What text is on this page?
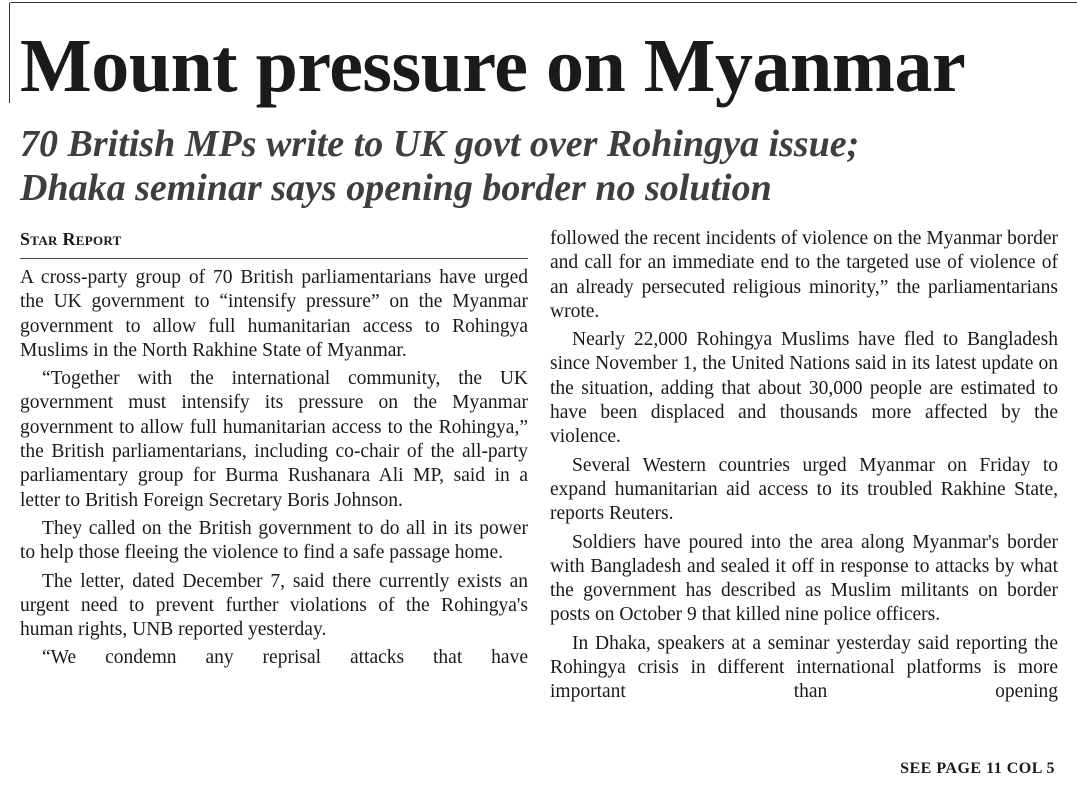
Mount pressure on Myanmar
70 British MPs write to UK govt over Rohingya issue;
Dhaka seminar says opening border no solution
Star Report

A cross-party group of 70 British parliamentarians have urged the UK government to “intensify pressure” on the Myanmar government to allow full humanitarian access to Rohingya Muslims in the North Rakhine State of Myanmar.

“Together with the international community, the UK government must intensify its pressure on the Myanmar government to allow full humanitarian access to the Rohingya,” the British parliamentarians, including co-chair of the all-party parliamentary group for Burma Rushanara Ali MP, said in a letter to British Foreign Secretary Boris Johnson.

They called on the British government to do all in its power to help those fleeing the violence to find a safe passage home.

The letter, dated December 7, said there currently exists an urgent need to prevent further violations of the Rohingya's human rights, UNB reported yesterday.

“We condemn any reprisal attacks that have

followed the recent incidents of violence on the Myanmar border and call for an immediate end to the targeted use of violence of an already persecuted religious minority,” the parliamentarians wrote.

Nearly 22,000 Rohingya Muslims have fled to Bangladesh since November 1, the United Nations said in its latest update on the situation, adding that about 30,000 people are estimated to have been displaced and thousands more affected by the violence.

Several Western countries urged Myanmar on Friday to expand humanitarian aid access to its troubled Rakhine State, reports Reuters.

Soldiers have poured into the area along Myanmar's border with Bangladesh and sealed it off in response to attacks by what the government has described as Muslim militants on border posts on October 9 that killed nine police officers.

In Dhaka, speakers at a seminar yesterday said reporting the Rohingya crisis in different international platforms is more important than opening

SEE PAGE 11 COL 5
